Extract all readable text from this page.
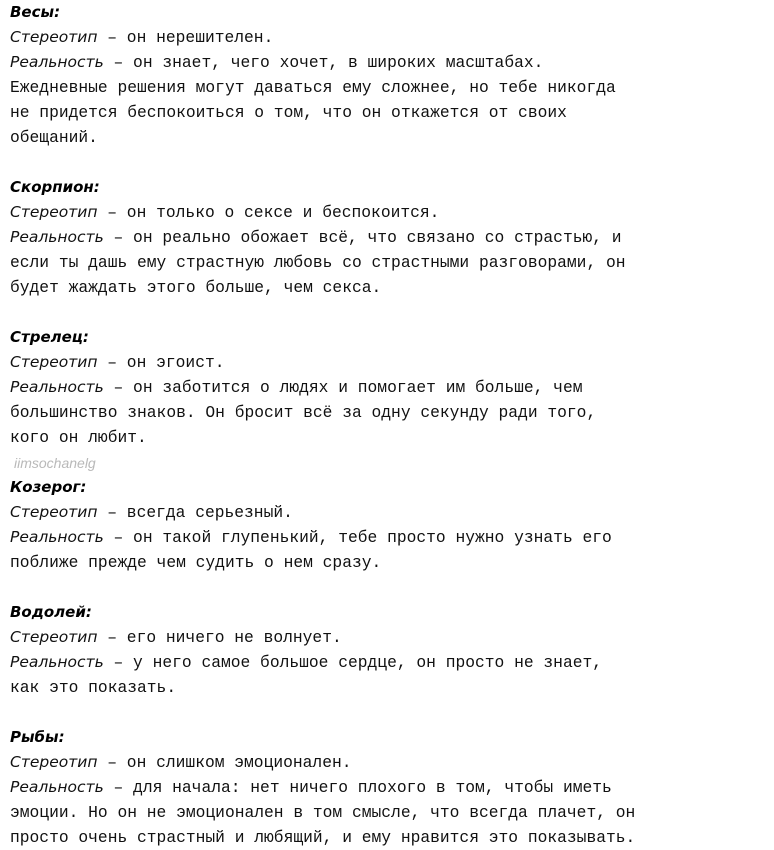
Весы:
Стереотип – он нерешителен.
Реальность – он знает, чего хочет, в широких масштабах.
Ежедневные решения могут даваться ему сложнее, но тебе никогда
не придется беспокоиться о том, что он откажется от своих
обещаний.
Скорпион:
Стереотип – он только о сексе и беспокоится.
Реальность – он реально обожает всё, что связано со страстью, и
если ты дашь ему страстную любовь со страстными разговорами, он
будет жаждать этого больше, чем секса.
Стрелец:
Стереотип – он эгоист.
Реальность – он заботится о людях и помогает им больше, чем
большинство знаков. Он бросит всё за одну секунду ради того,
кого он любит.
Козерог:
Стереотип – всегда серьезный.
Реальность – он такой глупенький, тебе просто нужно узнать его
поближе прежде чем судить о нем сразу.
Водолей:
Стереотип – его ничего не волнует.
Реальность – у него самое большое сердце, он просто не знает,
как это показать.
Рыбы:
Стереотип – он слишком эмоционален.
Реальность – для начала: нет ничего плохого в том, чтобы иметь
эмоции. Но он не эмоционален в том смысле, что всегда плачет, он
просто очень страстный и любящий, и ему нравится это показывать.
iimsochanelg
